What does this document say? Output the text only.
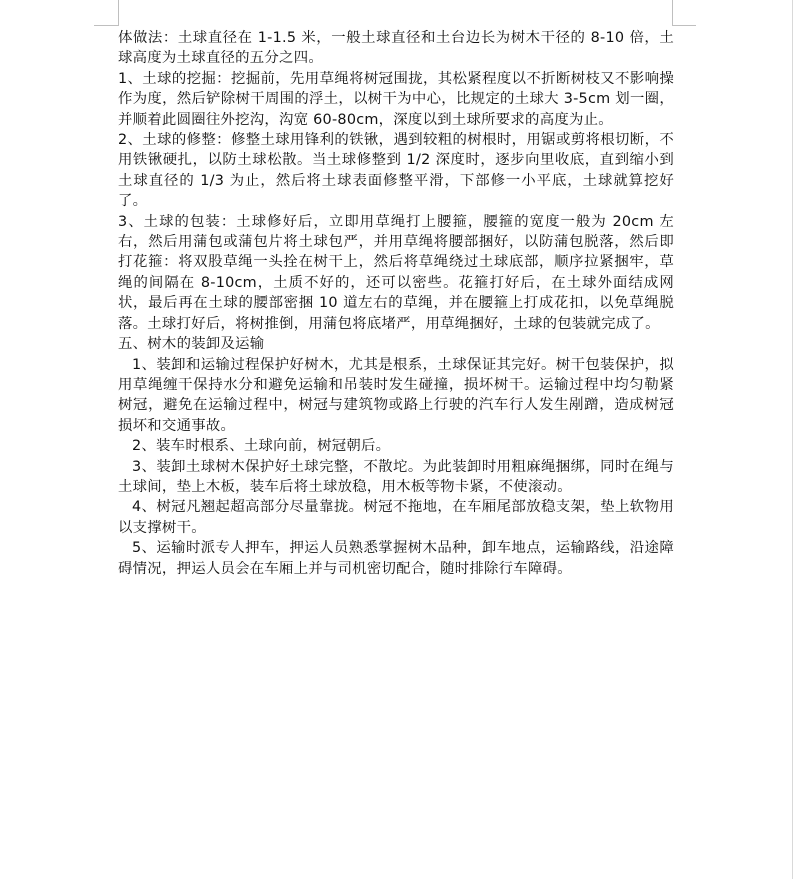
体做法：土球直径在 1-1.5 米，一般土球直径和土台边长为树木干径的 8-10 倍，土球高度为土球直径的五分之四。

1、土球的挖掘：挖掘前，先用草绳将树冠围拢，其松紧程度以不折断树枝又不影响操作为度，然后铲除树干周围的浮土，以树干为中心，比规定的土球大 3-5cm 划一圈，并顺着此圆圈往外挖沟，沟宽 60-80cm，深度以到土球所要求的高度为止。

2、土球的修整：修整土球用锋利的铁锹，遇到较粗的树根时，用锯或剪将根切断，不用铁锹硬扎，以防土球松散。当土球修整到 1/2 深度时，逐步向里收底，直到缩小到土球直径的 1/3 为止，然后将土球表面修整平滑，下部修一小平底，土球就算挖好了。

3、土球的包装：土球修好后，立即用草绳打上腰箍，腰箍的宽度一般为 20cm 左右，然后用蒲包或蒲包片将土球包严，并用草绳将腰部捆好，以防蒲包脱落，然后即打花箍：将双股草绳一头拴在树干上，然后将草绳绕过土球底部，顺序拉紧捆牢，草绳的间隔在 8-10cm，土质不好的，还可以密些。花箍打好后，在土球外面结成网状，最后再在土球的腰部密捆 10 道左右的草绳，并在腰箍上打成花扣，以免草绳脱落。土球打好后，将树推倒，用蒲包将底堵严，用草绳捆好，土球的包装就完成了。

五、树木的装卸及运输

1、装卸和运输过程保护好树木，尤其是根系，土球保证其完好。树干包装保护，拟用草绳缠干保持水分和避免运输和吊装时发生碰撞，损坏树干。运输过程中均匀勒紧树冠，避免在运输过程中，树冠与建筑物或路上行驶的汽车行人发生剐蹭，造成树冠损坏和交通事故。

2、装车时根系、土球向前，树冠朝后。

3、装卸土球树木保护好土球完整，不散坨。为此装卸时用粗麻绳捆绑，同时在绳与土球间，垫上木板，装车后将土球放稳，用木板等物卡紧，不使滚动。

4、树冠凡翘起超高部分尽量靠拢。树冠不拖地，在车厢尾部放稳支架，垫上软物用以支撑树干。

5、运输时派专人押车，押运人员熟悉掌握树木品种，卸车地点，运输路线，沿途障碍情况，押运人员会在车厢上并与司机密切配合，随时排除行车障碍。
